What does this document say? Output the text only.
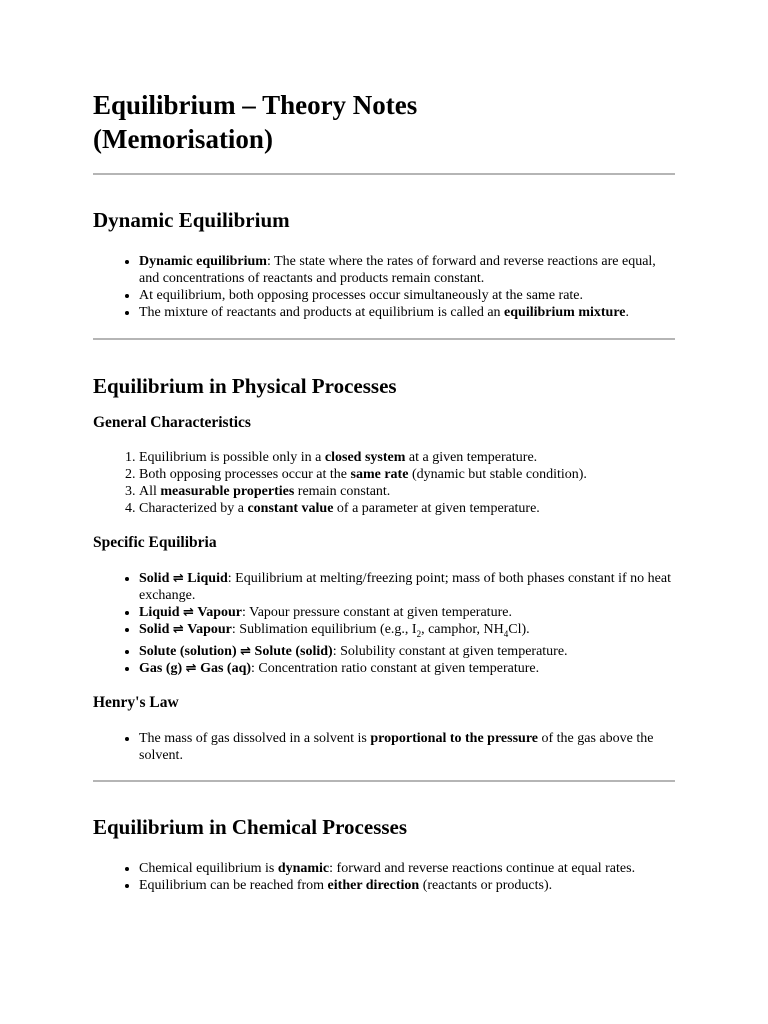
Equilibrium – Theory Notes
(Memorisation)
Dynamic Equilibrium
• Dynamic equilibrium: The state where the rates of forward and reverse reactions are equal, and concentrations of reactants and products remain constant.
• At equilibrium, both opposing processes occur simultaneously at the same rate.
• The mixture of reactants and products at equilibrium is called an equilibrium mixture.
Equilibrium in Physical Processes
General Characteristics
1. Equilibrium is possible only in a closed system at a given temperature.
2. Both opposing processes occur at the same rate (dynamic but stable condition).
3. All measurable properties remain constant.
4. Characterized by a constant value of a parameter at given temperature.
Specific Equilibria
• Solid ⇌ Liquid: Equilibrium at melting/freezing point; mass of both phases constant if no heat exchange.
• Liquid ⇌ Vapour: Vapour pressure constant at given temperature.
• Solid ⇌ Vapour: Sublimation equilibrium (e.g., $I_2$, camphor, $NH_4Cl$).
• Solute (solution) ⇌ Solute (solid): Solubility constant at given temperature.
• Gas (g) ⇌ Gas (aq): Concentration ratio constant at given temperature.
Henry's Law
• The mass of gas dissolved in a solvent is proportional to the pressure of the gas above the solvent.
Equilibrium in Chemical Processes
• Chemical equilibrium is dynamic: forward and reverse reactions continue at equal rates.
• Equilibrium can be reached from either direction (reactants or products).
